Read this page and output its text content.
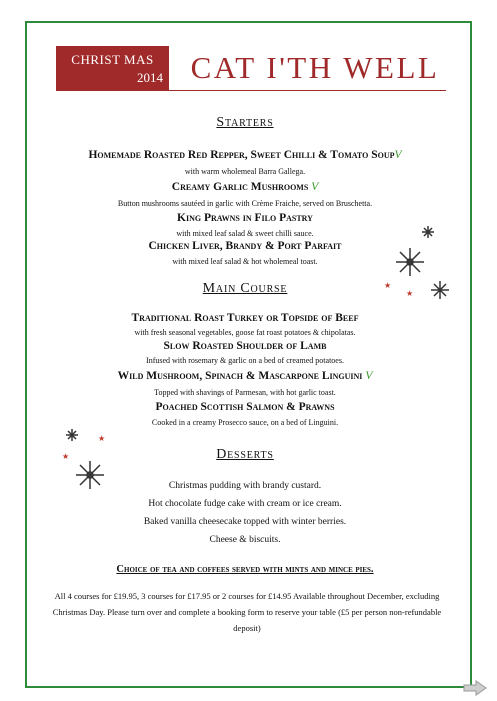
CHRIST MAS
2014 CAT I'TH WELL
Starters
Homemade Roasted Red Repper, Sweet Chilli & Tomato SoupV
with warm wholemeal Barra Gallega.
Creamy Garlic Mushrooms V
Button mushrooms sautéed in garlic with Crème Fraiche, served on Bruschetta.
King Prawns in Filo Pastry
with mixed leaf salad & sweet chilli sauce.
Chicken Liver, Brandy & Port Parfait
with mixed leaf salad & hot wholemeal toast.
Main Course
Traditional Roast Turkey or Topside of Beef
with fresh seasonal vegetables, goose fat roast potatoes & chipolatas.
Slow Roasted Shoulder of Lamb
Infused with rosemary & garlic on a bed of creamed potatoes.
Wild Mushroom, Spinach & Mascarpone Linguini V
Topped with shavings of Parmesan, with hot garlic toast.
Poached Scottish Salmon & Prawns
Cooked in a creamy Prosecco sauce, on a bed of Linguini.
Desserts
Christmas pudding with brandy custard.
Hot chocolate fudge cake with cream or ice cream.
Baked vanilla cheesecake topped with winter berries.
Cheese & biscuits.
Choice of tea and coffees served with mints and mince pies.
All 4 courses for £19.95, 3 courses for £17.95 or 2 courses for £14.95 Available throughout December, excluding
Christmas Day. Please turn over and complete a booking form to reserve your table (£5 per person non-refundable
deposit)
★
★
★
★
